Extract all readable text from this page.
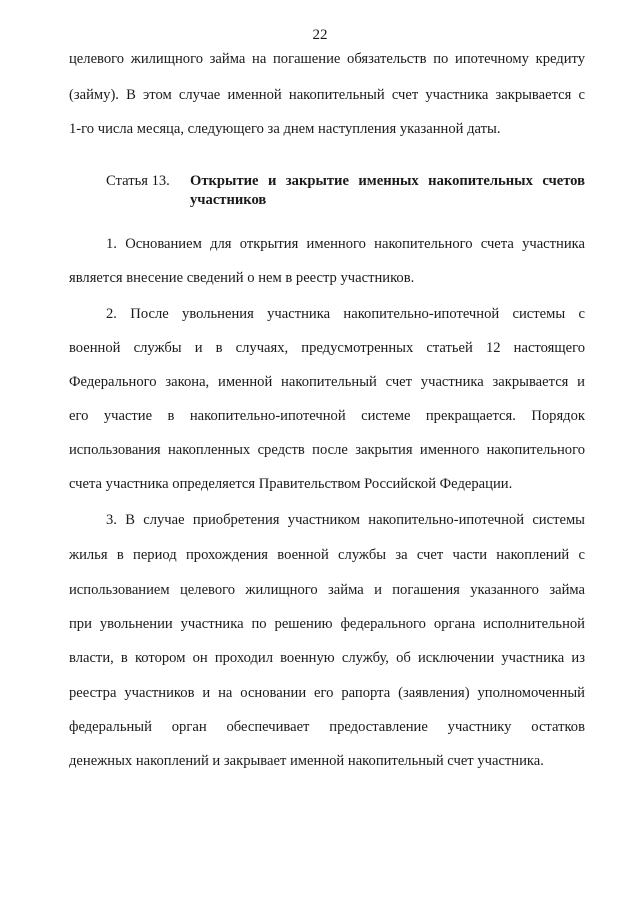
22
целевого жилищного займа на погашение обязательств по ипотечному кредиту
(займу). В этом случае именной накопительный счет участника закрывается с
1-го числа месяца, следующего за днем наступления указанной даты.
Статья 13. Открытие и закрытие именных накопительных счетов
участников
1. Основанием для открытия именного накопительного счета участника
является внесение сведений о нем в реестр участников.
2. После увольнения участника накопительно-ипотечной системы с
военной службы и в случаях, предусмотренных статьей 12 настоящего
Федерального закона, именной накопительный счет участника закрывается и
его участие в накопительно-ипотечной системе прекращается. Порядок
использования накопленных средств после закрытия именного накопительного
счета участника определяется Правительством Российской Федерации.
3. В случае приобретения участником накопительно-ипотечной системы
жилья в период прохождения военной службы за счет части накоплений с
использованием целевого жилищного займа и погашения указанного займа
при увольнении участника по решению федерального органа исполнительной
власти, в котором он проходил военную службу, об исключении участника из
реестра участников и на основании его рапорта (заявления) уполномоченный
федеральный орган обеспечивает предоставление участнику остатков
денежных накоплений и закрывает именной накопительный счет участника.
